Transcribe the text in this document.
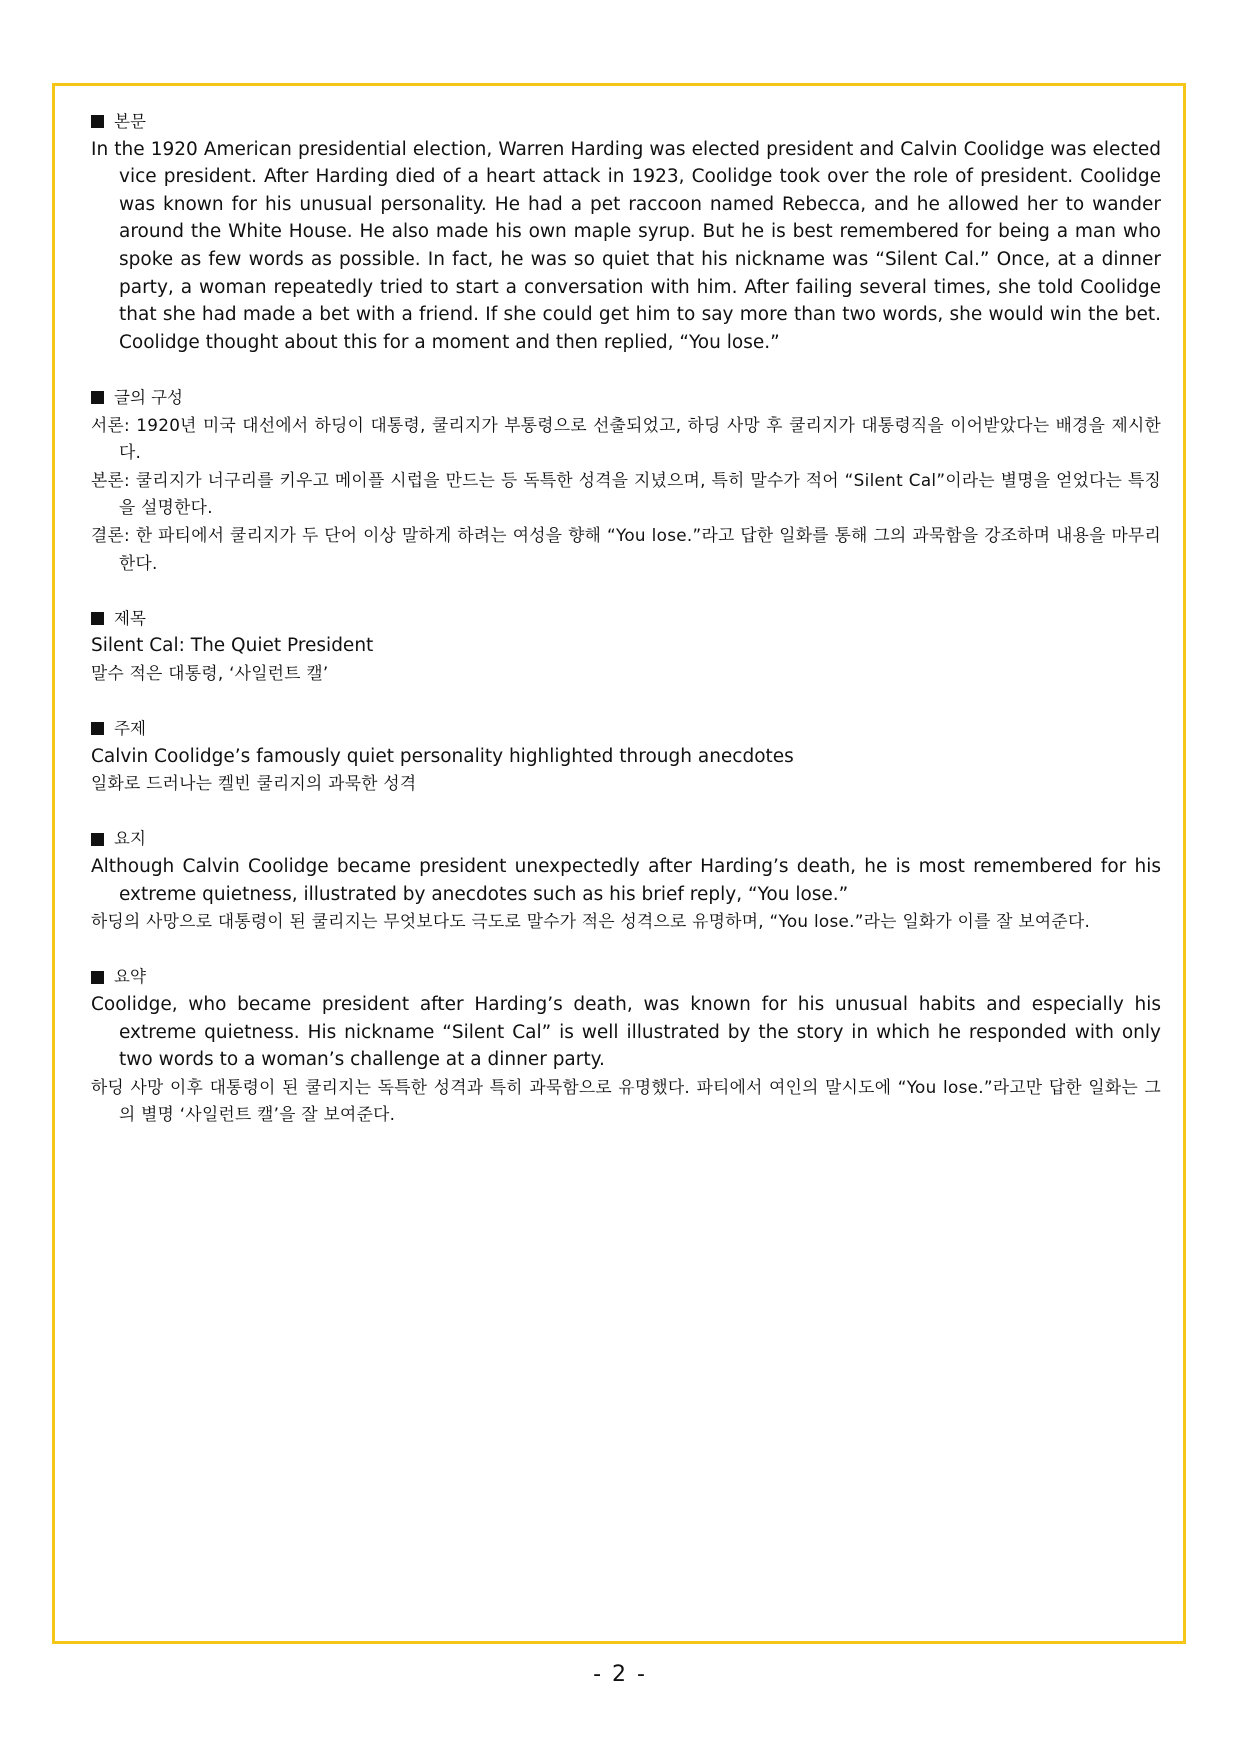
본문

In the 1920 American presidential election, Warren Harding was elected president and Calvin Coolidge was elected vice president. After Harding died of a heart attack in 1923, Coolidge took over the role of president. Coolidge was known for his unusual personality. He had a pet raccoon named Rebecca, and he allowed her to wander around the White House. He also made his own maple syrup. But he is best remembered for being a man who spoke as few words as possible. In fact, he was so quiet that his nickname was “Silent Cal.” Once, at a dinner party, a woman repeatedly tried to start a conversation with him. After failing several times, she told Coolidge that she had made a bet with a friend. If she could get him to say more than two words, she would win the bet. Coolidge thought about this for a moment and then replied, “You lose.”

글의 구성

서론: 1920년 미국 대선에서 하딩이 대통령, 쿨리지가 부통령으로 선출되었고, 하딩 사망 후 쿨리지가 대통령직을 이어받았다는 배경을 제시한다.

본론: 쿨리지가 너구리를 키우고 메이플 시럽을 만드는 등 독특한 성격을 지녔으며, 특히 말수가 적어 “Silent Cal”이라는 별명을 얻었다는 특징을 설명한다.

결론: 한 파티에서 쿨리지가 두 단어 이상 말하게 하려는 여성을 향해 “You lose.”라고 답한 일화를 통해 그의 과묵함을 강조하며 내용을 마무리한다.

제목

Silent Cal: The Quiet President

말수 적은 대통령, ‘사일런트 캘’

주제

Calvin Coolidge’s famously quiet personality highlighted through anecdotes

일화로 드러나는 켈빈 쿨리지의 과묵한 성격

요지

Although Calvin Coolidge became president unexpectedly after Harding’s death, he is most remembered for his extreme quietness, illustrated by anecdotes such as his brief reply, “You lose.”

하딩의 사망으로 대통령이 된 쿨리지는 무엇보다도 극도로 말수가 적은 성격으로 유명하며, “You lose.”라는 일화가 이를 잘 보여준다.

요약

Coolidge, who became president after Harding’s death, was known for his unusual habits and especially his extreme quietness. His nickname “Silent Cal” is well illustrated by the story in which he responded with only two words to a woman’s challenge at a dinner party.

하딩 사망 이후 대통령이 된 쿨리지는 독특한 성격과 특히 과묵함으로 유명했다. 파티에서 여인의 말시도에 “You lose.”라고만 답한 일화는 그의 별명 ‘사일런트 캘’을 잘 보여준다.

- 2 -
